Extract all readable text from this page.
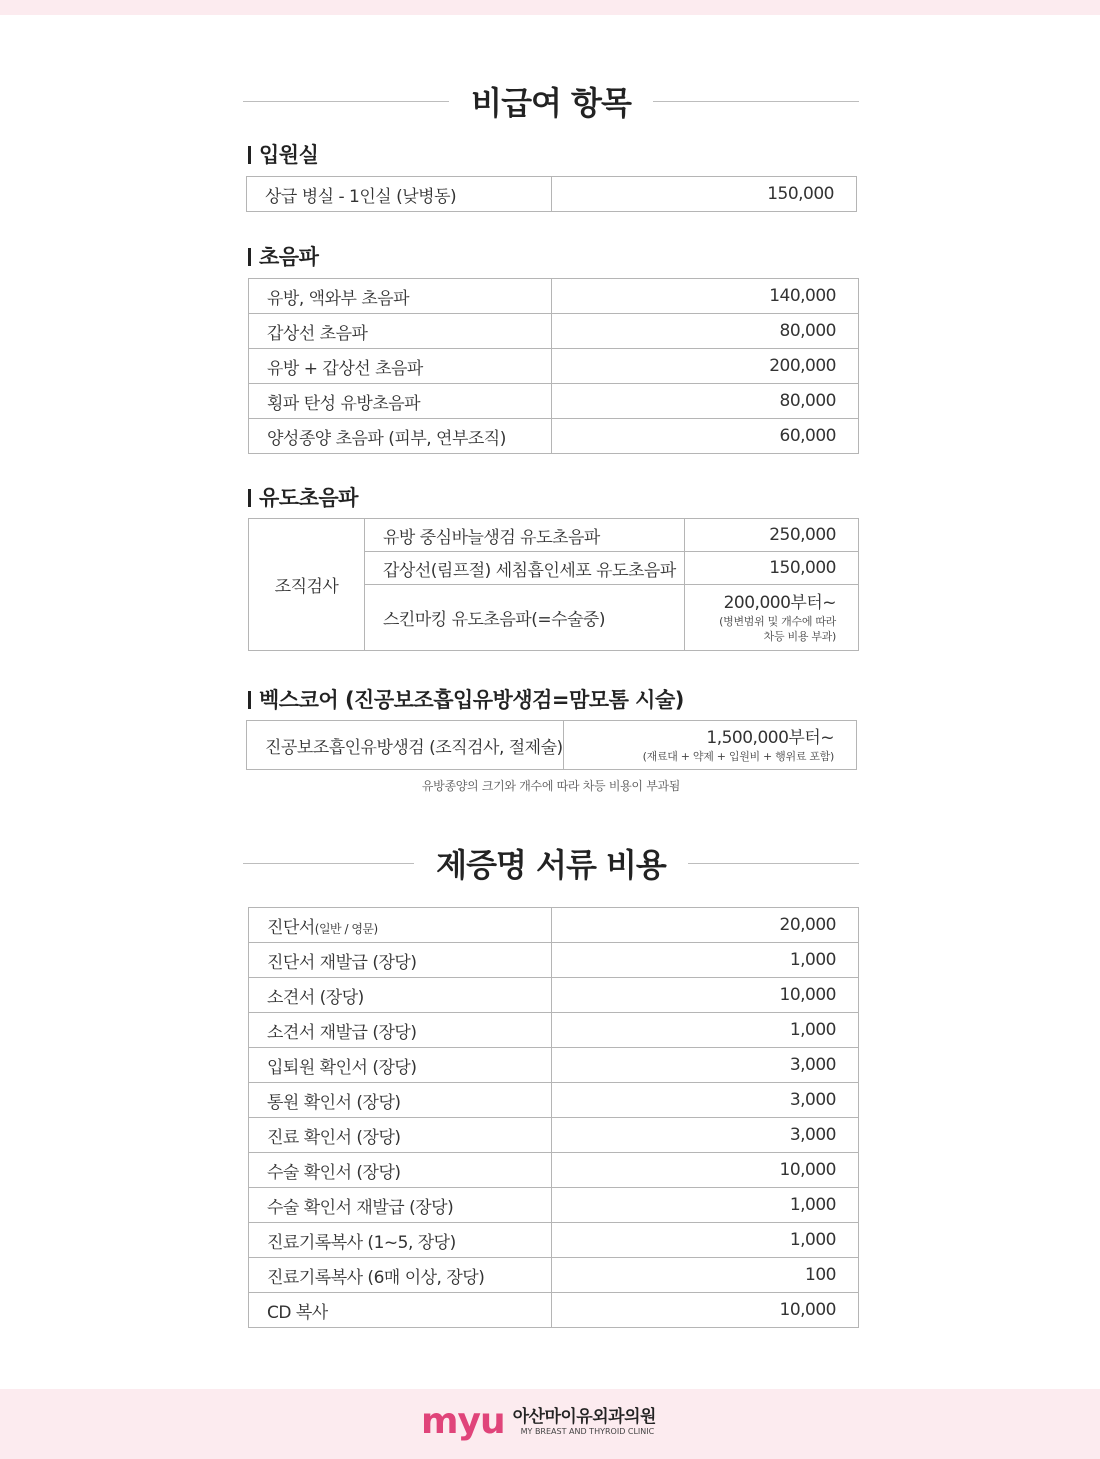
비급여 항목
입원실
상급 병실 - 1인실 (낮병동)	150,000
초음파
유방, 액와부 초음파	140,000
갑상선 초음파	80,000
유방 + 갑상선 초음파	200,000
횡파 탄성 유방초음파	80,000
양성종양 초음파 (피부, 연부조직)	60,000
유도초음파
조직검사	유방 중심바늘생검 유도초음파	250,000
	갑상선(림프절) 세침흡인세포 유도초음파	150,000
	스킨마킹 유도초음파(=수술중)	200,000부터~
(병변범위 및 개수에 따라
차등 비용 부과)
벡스코어 (진공보조흡입유방생검=맘모톰 시술)
진공보조흡인유방생검 (조직검사, 절제술)	1,500,000부터~
(재료대 + 약제 + 입원비 + 행위료 포함)
유방종양의 크기와 개수에 따라 차등 비용이 부과됨
제증명 서류 비용
진단서(일반 / 영문)	20,000
진단서 재발급 (장당)	1,000
소견서 (장당)	10,000
소견서 재발급 (장당)	1,000
입퇴원 확인서 (장당)	3,000
통원 확인서 (장당)	3,000
진료 확인서 (장당)	3,000
수술 확인서 (장당)	10,000
수술 확인서 재발급 (장당)	1,000
진료기록복사 (1~5, 장당)	1,000
진료기록복사 (6매 이상, 장당)	100
CD 복사	10,000
myu 아산마이유외과의원
MY BREAST AND THYROID CLINIC
